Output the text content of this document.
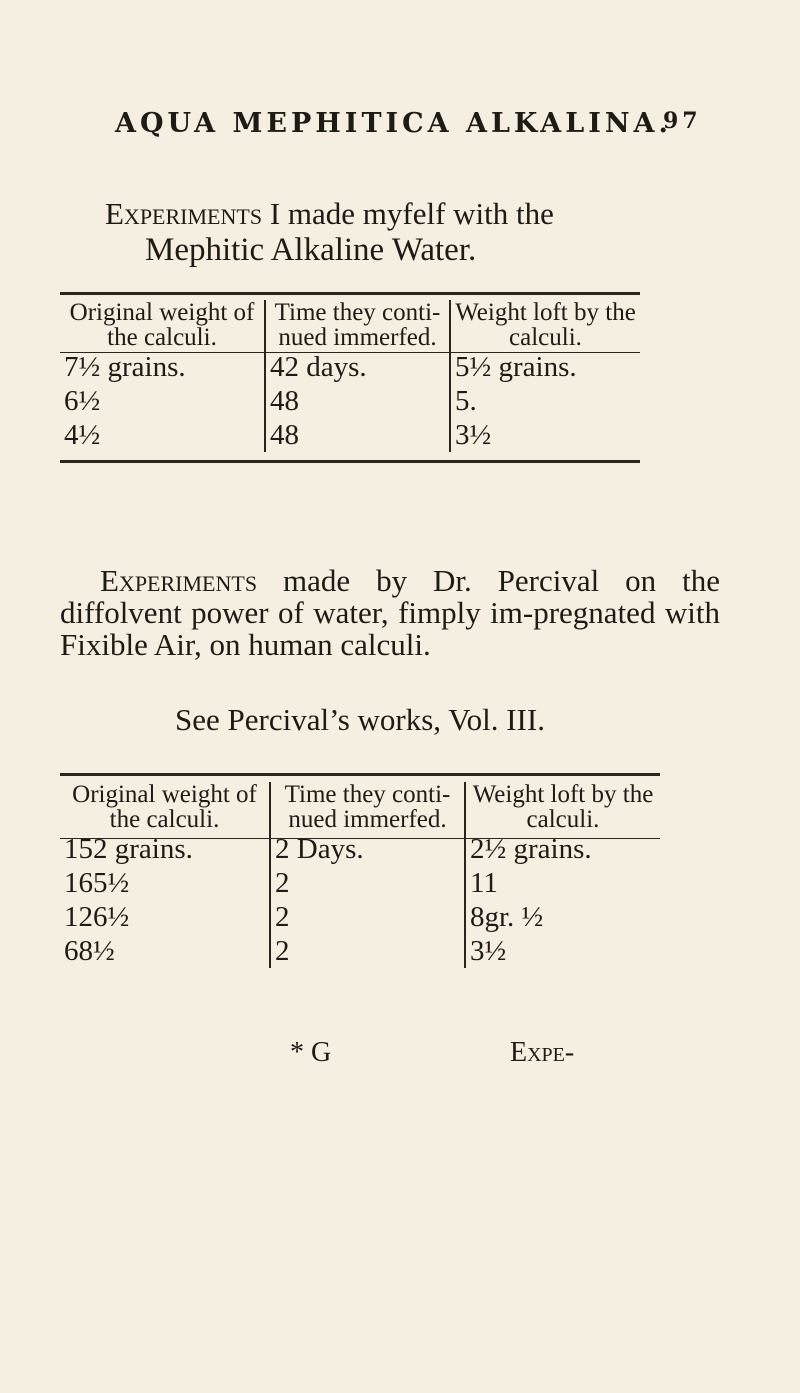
AQUA MEPHITICA ALKALINA.
97
Experiments I made myfelf with the
Mephitic Alkaline Water.
Original weight of the calculi.	Time they conti-nued immerfed.	Weight loft by the calculi.
7½ grains.	42 days.	5½ grains.
6½	48	5.
4½	48	3½
Experiments made by Dr. Percival on the diffolvent power of water, fimply im-pregnated with Fixible Air, on human calculi.
See Percival’s works, Vol. III.
Original weight of the calculi.	Time they conti-nued immerfed.	Weight loft by the calculi.
152 grains.	2 Days.	2½ grains.
165½	2	11
126½	2	8gr. ½
68½	2	3½
* G	Expe-
